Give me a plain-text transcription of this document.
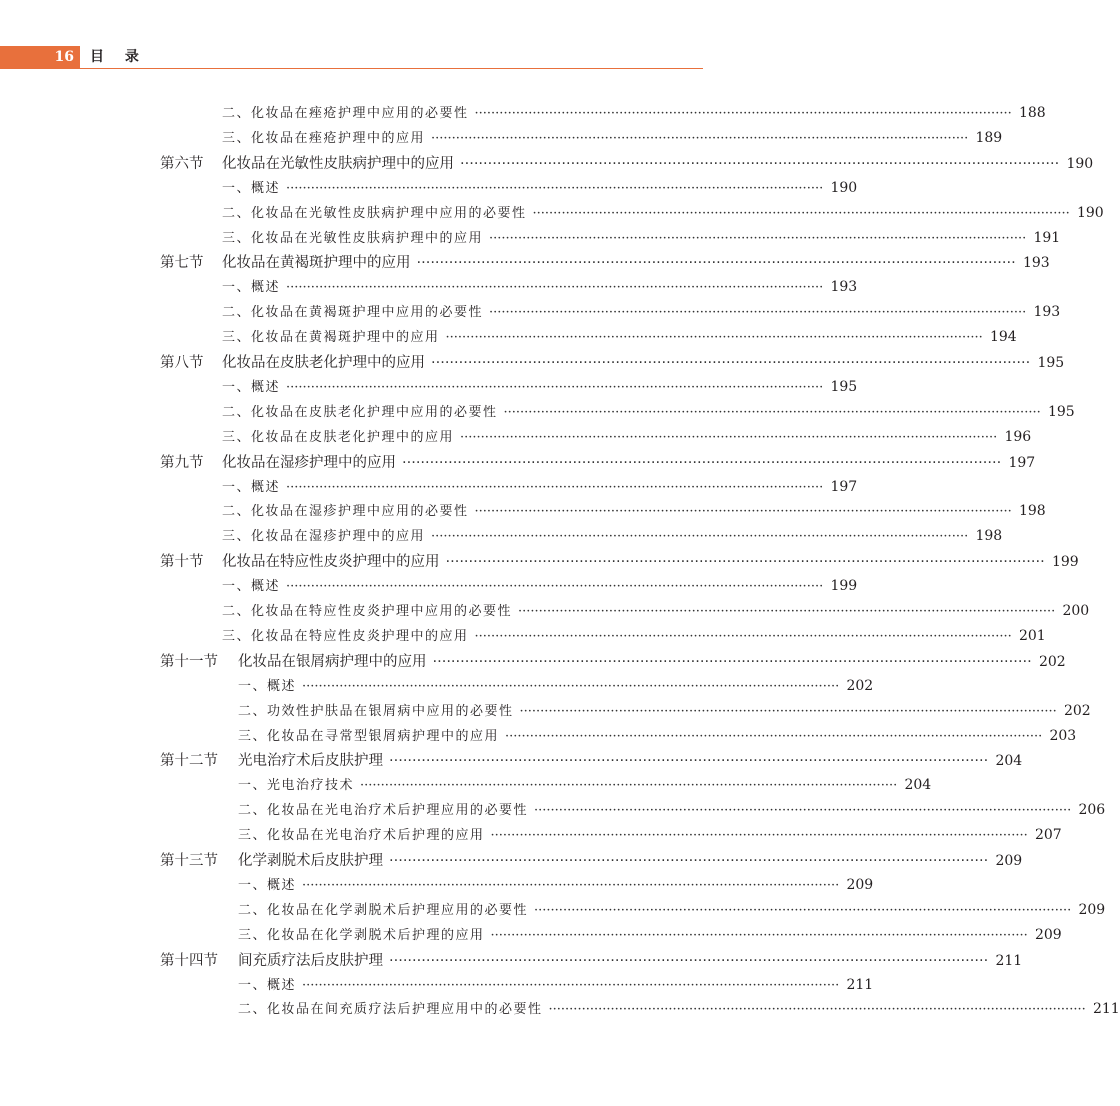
16	目 录
二、化妆品在痤疮护理中应用的必要性 ·································································································································· 188
三、化妆品在痤疮护理中的应用 ·································································································································· 189
第六节	化妆品在光敏性皮肤病护理中的应用 ·································································································································· 190
一、概述 ·································································································································· 190
二、化妆品在光敏性皮肤病护理中应用的必要性 ·································································································································· 190
三、化妆品在光敏性皮肤病护理中的应用 ·································································································································· 191
第七节	化妆品在黄褐斑护理中的应用 ·································································································································· 193
一、概述 ·································································································································· 193
二、化妆品在黄褐斑护理中应用的必要性 ·································································································································· 193
三、化妆品在黄褐斑护理中的应用 ·································································································································· 194
第八节	化妆品在皮肤老化护理中的应用 ·································································································································· 195
一、概述 ·································································································································· 195
二、化妆品在皮肤老化护理中应用的必要性 ·································································································································· 195
三、化妆品在皮肤老化护理中的应用 ·································································································································· 196
第九节	化妆品在湿疹护理中的应用 ·································································································································· 197
一、概述 ·································································································································· 197
二、化妆品在湿疹护理中应用的必要性 ·································································································································· 198
三、化妆品在湿疹护理中的应用 ·································································································································· 198
第十节	化妆品在特应性皮炎护理中的应用 ·································································································································· 199
一、概述 ·································································································································· 199
二、化妆品在特应性皮炎护理中应用的必要性 ·································································································································· 200
三、化妆品在特应性皮炎护理中的应用 ·································································································································· 201
第十一节	化妆品在银屑病护理中的应用 ·································································································································· 202
一、概述 ·································································································································· 202
二、功效性护肤品在银屑病中应用的必要性 ·································································································································· 202
三、化妆品在寻常型银屑病护理中的应用 ·································································································································· 203
第十二节	光电治疗术后皮肤护理 ·································································································································· 204
一、光电治疗技术 ·································································································································· 204
二、化妆品在光电治疗术后护理应用的必要性 ·································································································································· 206
三、化妆品在光电治疗术后护理的应用 ·································································································································· 207
第十三节	化学剥脱术后皮肤护理 ·································································································································· 209
一、概述 ·································································································································· 209
二、化妆品在化学剥脱术后护理应用的必要性 ·································································································································· 209
三、化妆品在化学剥脱术后护理的应用 ·································································································································· 209
第十四节	间充质疗法后皮肤护理 ·································································································································· 211
一、概述 ·································································································································· 211
二、化妆品在间充质疗法后护理应用中的必要性 ·································································································································· 211
